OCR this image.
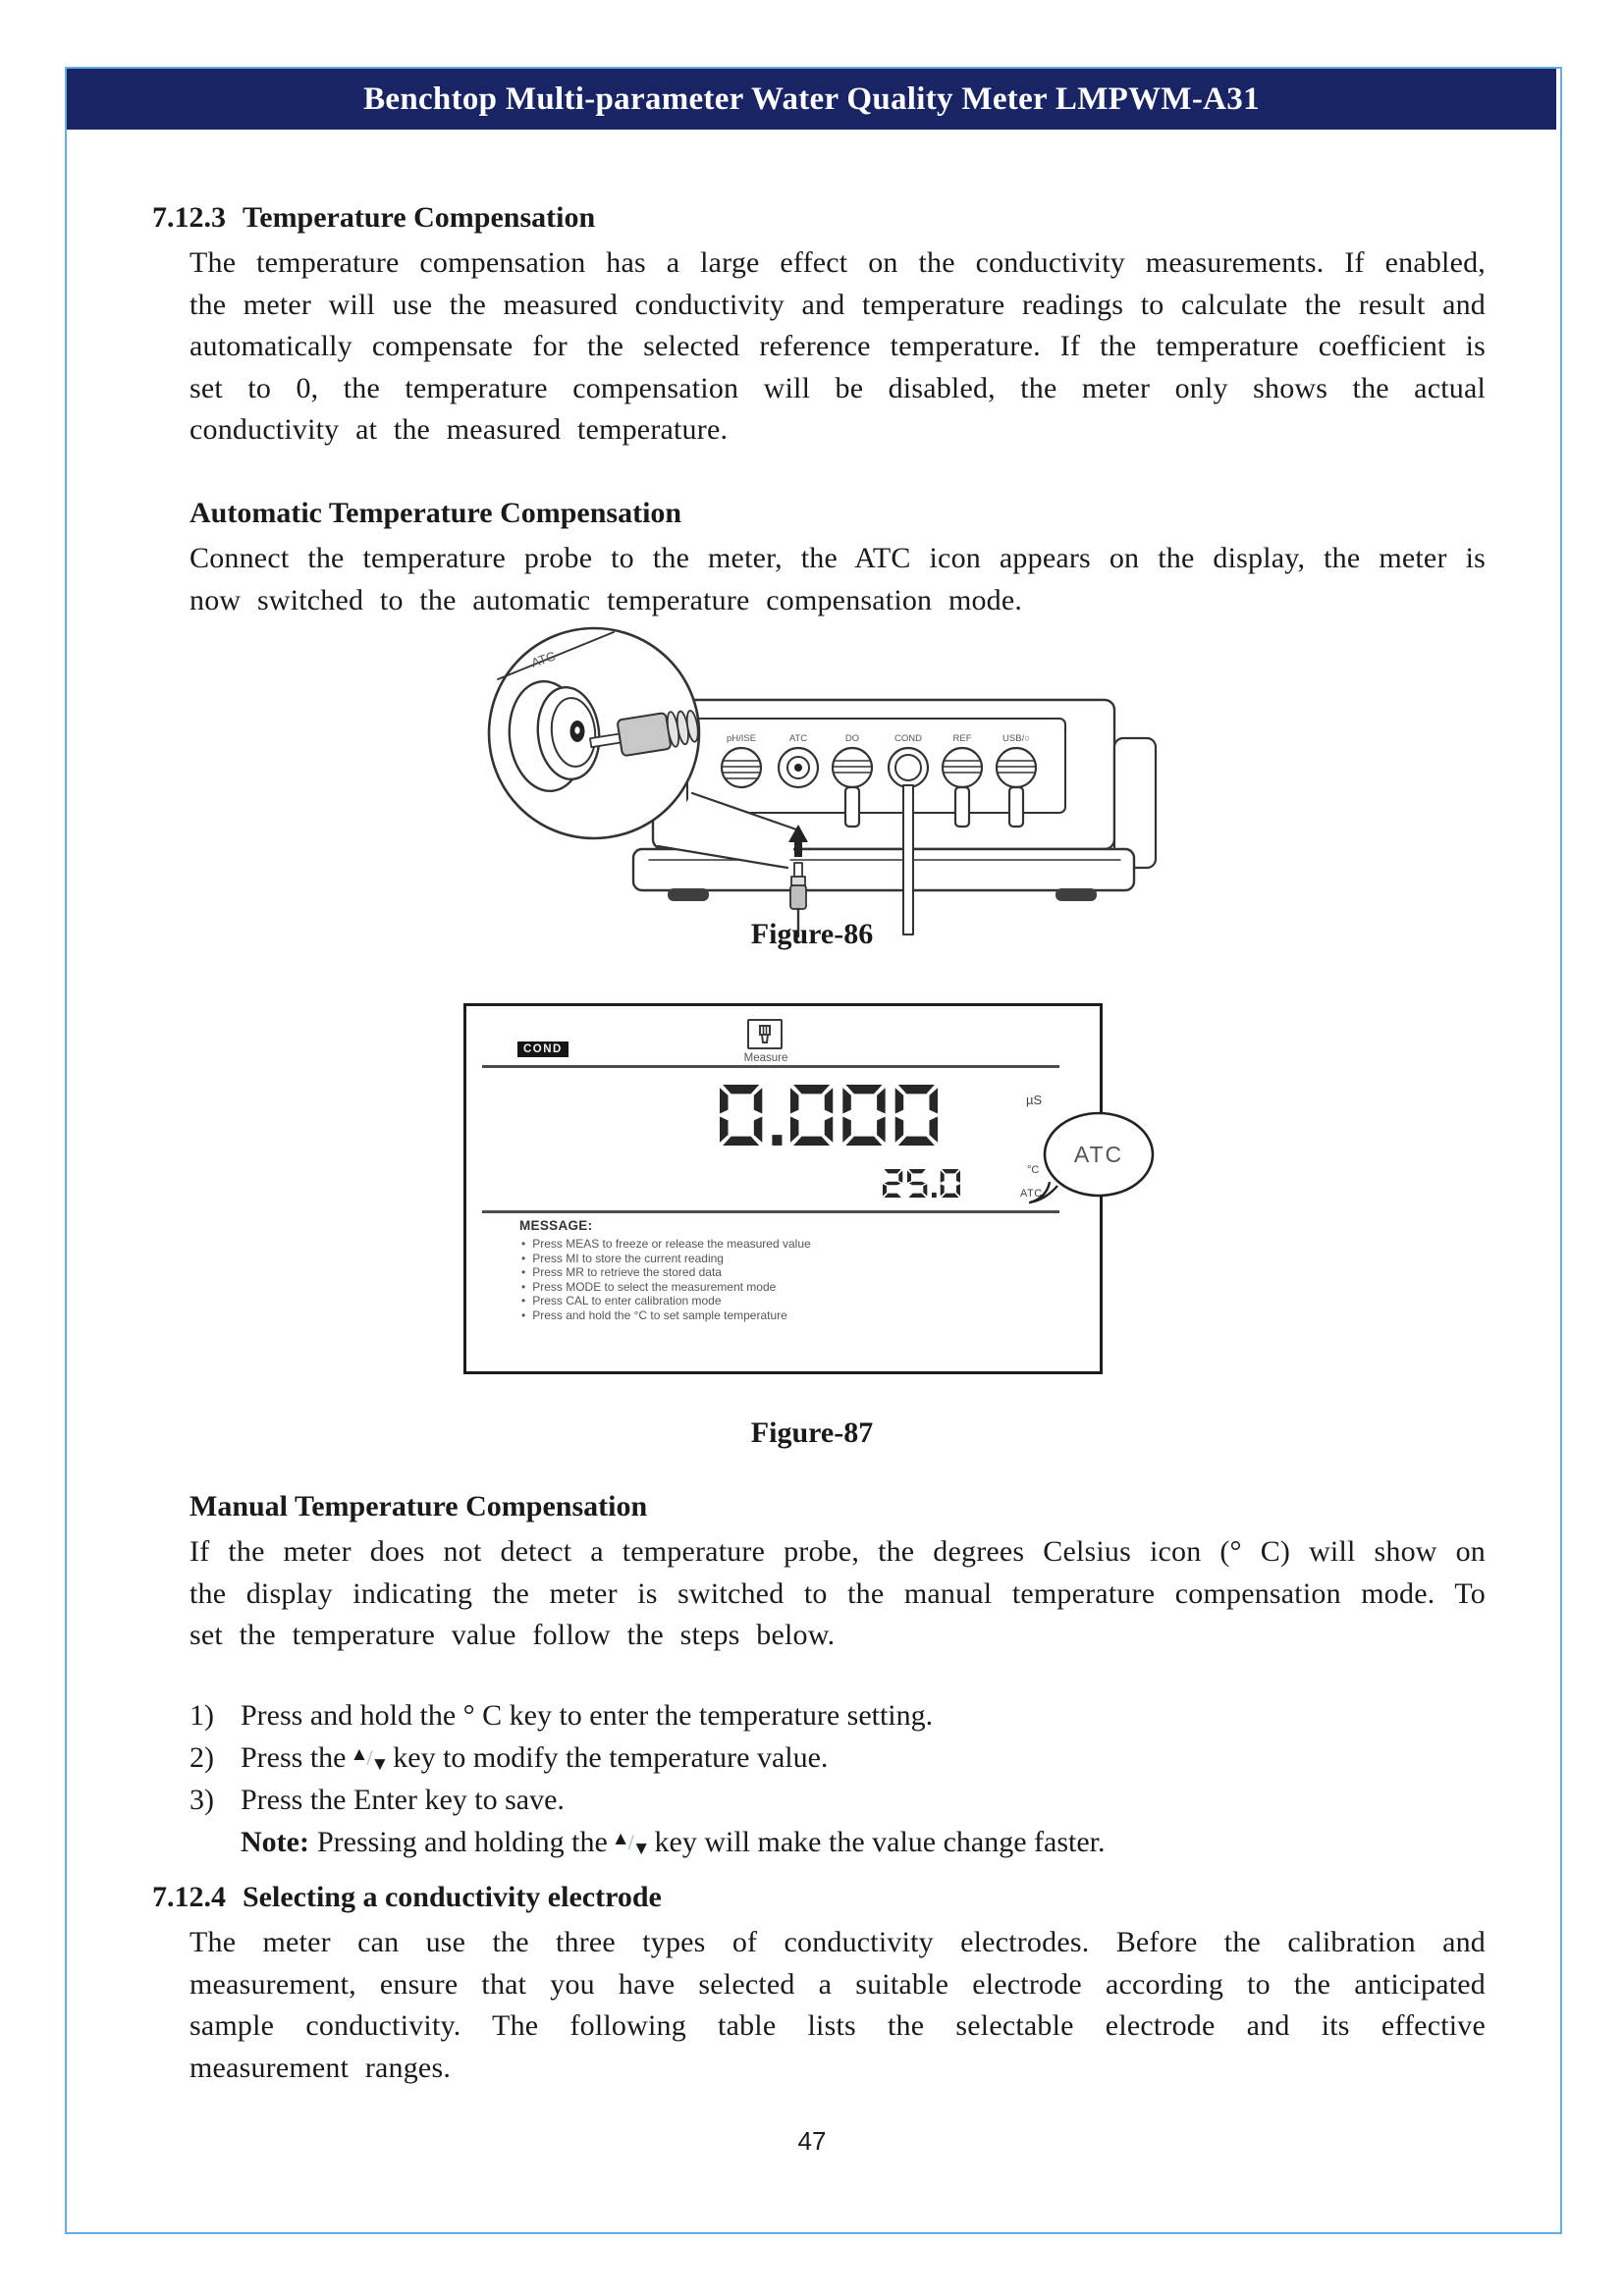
Benchtop Multi-parameter Water Quality Meter LMPWM-A31
7.12.3 Temperature Compensation
The temperature compensation has a large effect on the conductivity measurements. If enabled, the meter will use the measured conductivity and temperature readings to calculate the result and automatically compensate for the selected reference temperature. If the temperature coefficient is set to 0, the temperature compensation will be disabled, the meter only shows the actual conductivity at the measured temperature.
Automatic Temperature Compensation
Connect the temperature probe to the meter, the ATC icon appears on the display, the meter is now switched to the automatic temperature compensation mode.
pH/ISE	ATC	DO	COND	REF	USB/○
ATC
Figure-86
COND
Measure
µS
°C
ATC
MESSAGE:
• Press MEAS to freeze or release the measured value
• Press MI to store the current reading
• Press MR to retrieve the stored data
• Press MODE to select the measurement mode
• Press CAL to enter calibration mode
• Press and hold the °C to set sample temperature
ATC
Figure-87
Manual Temperature Compensation
If the meter does not detect a temperature probe, the degrees Celsius icon (° C) will show on the display indicating the meter is switched to the manual temperature compensation mode. To set the temperature value follow the steps below.
1) Press and hold the ° C key to enter the temperature setting.
2) Press the ▲/▼ key to modify the temperature value.
3) Press the Enter key to save.
Note: Pressing and holding the ▲/▼ key will make the value change faster.
7.12.4 Selecting a conductivity electrode
The meter can use the three types of conductivity electrodes. Before the calibration and measurement, ensure that you have selected a suitable electrode according to the anticipated sample conductivity. The following table lists the selectable electrode and its effective measurement ranges.
47
